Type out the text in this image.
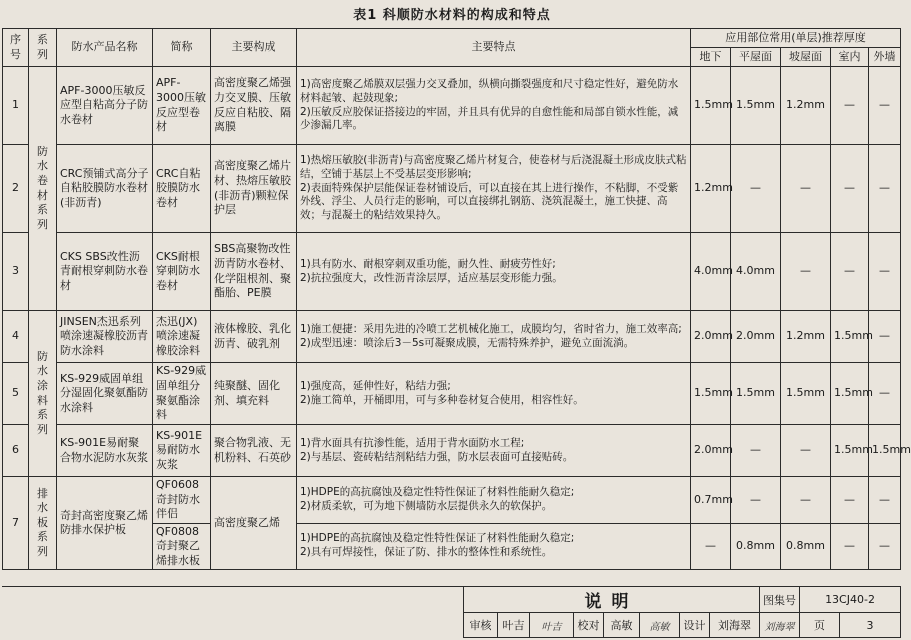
表1 科顺防水材料的构成和特点
序号	系列	防水产品名称	简称	主要构成	主要特点	应用部位常用(单层)推荐厚度				
						地下	平屋面	坡屋面	室内	外墙
1	防水卷材系列	APF-3000压敏反应型自粘高分子防水卷材	APF-3000压敏反应型卷材	高密度聚乙烯强力交叉膜、压敏反应自粘胶、隔离膜	1)高密度聚乙烯膜双层强力交叉叠加，纵横向撕裂强度和尺寸稳定性好，避免防水材料起皱、起鼓现象;
2)压敏反应胶保证搭接边的牢固，并且具有优异的自愈性能和局部自锁水性能，减少渗漏几率。	1.5mm	1.5mm	1.2mm	—	—
2		CRC预铺式高分子自粘胶膜防水卷材(非沥青)	CRC自粘胶膜防水卷材	高密度聚乙烯片材、热熔压敏胶(非沥青)颗粒保护层	1)热熔压敏胶(非沥青)与高密度聚乙烯片材复合，使卷材与后浇混凝土形成皮肤式粘结，空铺于基层上不受基层变形影响;
2)表面特殊保护层能保证卷材铺设后，可以直接在其上进行操作，不粘脚，不受紫外线、浮尘、人员行走的影响，可以直接绑扎钢筋、浇筑混凝土，施工快捷、高效；与混凝土的粘结效果持久。	1.2mm	—	—	—	—
3		CKS SBS改性沥青耐根穿刺防水卷材	CKS耐根穿刺防水卷材	SBS高聚物改性沥青防水卷材、化学阻根剂、聚酯胎、PE膜	1)具有防水、耐根穿刺双重功能，耐久性、耐疲劳性好;
2)抗拉强度大，改性沥青涂层厚，适应基层变形能力强。	4.0mm	4.0mm	—	—	—
4	防水涂料系列	JINSEN杰迅系列喷涂速凝橡胶沥青防水涂料	杰迅(JX)喷涂速凝橡胶涂料	液体橡胶、乳化沥青、破乳剂	1)施工便捷：采用先进的冷喷工艺机械化施工，成膜均匀，省时省力，施工效率高;
2)成型迅速：喷涂后3－5s可凝聚成膜，无需特殊养护，避免立面流淌。	2.0mm	2.0mm	1.2mm	1.5mm	—
5		KS-929威固单组分湿固化聚氨酯防水涂料	KS-929威固单组分聚氨酯涂料	纯聚醚、固化剂、填充料	1)强度高，延伸性好，粘结力强;
2)施工简单，开桶即用，可与多种卷材复合使用，相容性好。	1.5mm	1.5mm	1.5mm	1.5mm	—
6		KS-901E易耐聚合物水泥防水灰浆	KS-901E易耐防水灰浆	聚合物乳液、无机粉料、石英砂	1)背水面具有抗渗性能，适用于背水面防水工程;
2)与基层、瓷砖粘结剂粘结力强，防水层表面可直接贴砖。	2.0mm	—	—	1.5mm	1.5mm
7	排水板系列	奇封高密度聚乙烯防排水保护板	QF0608奇封防水伴侣	高密度聚乙烯	1)HDPE的高抗腐蚀及稳定性特性保证了材料性能耐久稳定;
2)材质柔软，可为地下侧墙防水层提供永久的软保护。	0.7mm	—	—	—	—
			QF0808奇封聚乙烯排水板		1)HDPE的高抗腐蚀及稳定性特性保证了材料性能耐久稳定;
2)具有可焊接性，保证了防、排水的整体性和系统性。	—	0.8mm	0.8mm	—	—
说明								图集号	13CJ40-2	
审核	叶吉	叶吉	校对	高敏	高敏	设计	刘海翠	刘海翠	页	3
